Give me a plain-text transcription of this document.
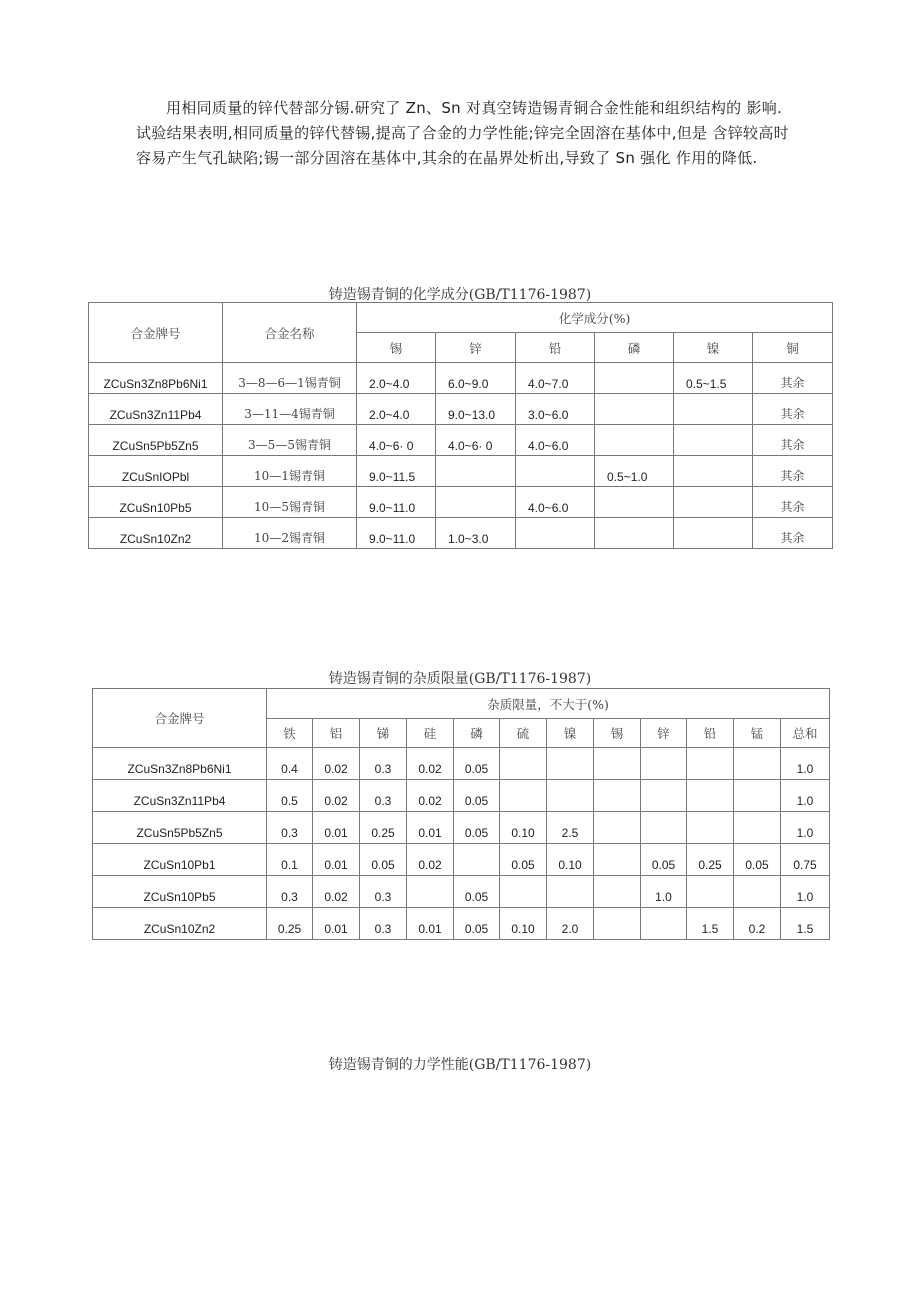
用相同质量的锌代替部分锡.研究了 Zn、Sn 对真空铸造锡青铜合金性能和组织结构的 影响.试验结果表明,相同质量的锌代替锡,提高了合金的力学性能;锌完全固溶在基体中,但是 含锌较高时容易产生气孔缺陷;锡一部分固溶在基体中,其余的在晶界处析出,导致了 Sn 强化 作用的降低.

铸造锡青铜的化学成分(GB/T1176-1987)
合金牌号	合金名称	化学成分(%)					
		锡	锌	铅	磷	镍	铜
ZCuSn3Zn8Pb6Ni1	3—8—6—1锡青铜	2.0~4.0	6.0~9.0	4.0~7.0		0.5~1.5	其余
ZCuSn3Zn11Pb4	3—11—4锡青铜	2.0~4.0	9.0~13.0	3.0~6.0			其余
ZCuSn5Pb5Zn5	3—5—5锡青铜	4.0~6· 0	4.0~6· 0	4.0~6.0			其余
ZCuSnIOPbl	10—1锡青铜	9.0~11.5			0.5~1.0		其余
ZCuSn10Pb5	10—5锡青铜	9.0~11.0		4.0~6.0			其余
ZCuSn10Zn2	10—2锡青铜	9.0~11.0	1.0~3.0				其余
铸造锡青铜的杂质限量(GB/T1176-1987)
合金牌号	杂质限量，不大于(%)											
	铁	铝	锑	硅	磷	硫	镍	锡	锌	铅	锰	总和
ZCuSn3Zn8Pb6Ni1	0.4	0.02	0.3	0.02	0.05							1.0
ZCuSn3Zn11Pb4	0.5	0.02	0.3	0.02	0.05							1.0
ZCuSn5Pb5Zn5	0.3	0.01	0.25	0.01	0.05	0.10	2.5					1.0
ZCuSn10Pb1	0.1	0.01	0.05	0.02		0.05	0.10		0.05	0.25	0.05	0.75
ZCuSn10Pb5	0.3	0.02	0.3		0.05				1.0			1.0
ZCuSn10Zn2	0.25	0.01	0.3	0.01	0.05	0.10	2.0			1.5	0.2	1.5
铸造锡青铜的力学性能(GB/T1176-1987)
